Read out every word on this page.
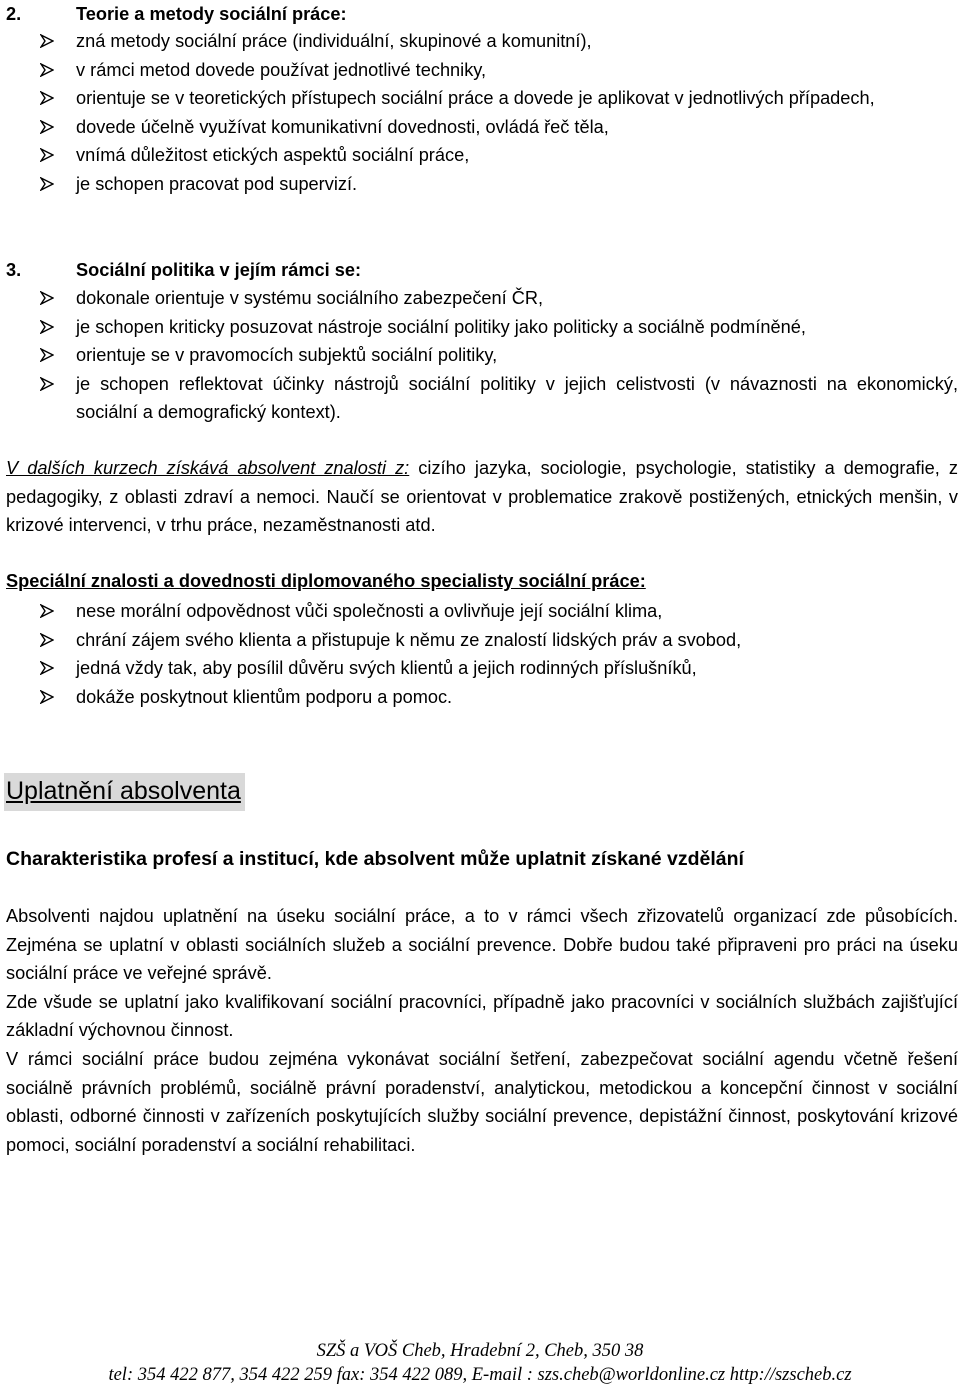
2.	Teorie a metody sociální práce:
zná metody sociální práce (individuální, skupinové a komunitní),
v rámci metod dovede používat jednotlivé techniky,
orientuje se v teoretických přístupech sociální práce a dovede je aplikovat v jednotlivých případech,
dovede účelně využívat komunikativní dovednosti, ovládá řeč těla,
vnímá důležitost etických aspektů sociální práce,
je schopen pracovat pod supervizí.
3.	Sociální politika v jejím rámci se:
dokonale orientuje v systému sociálního zabezpečení ČR,
je schopen kriticky posuzovat nástroje sociální politiky jako politicky a sociálně podmíněné,
orientuje se v pravomocích subjektů sociální politiky,
je schopen reflektovat účinky nástrojů sociální politiky v jejich celistvosti (v návaznosti na ekonomický, sociální a demografický kontext).

V dalších kurzech získává absolvent znalosti z: cizího jazyka, sociologie, psychologie, statistiky a demografie, z pedagogiky, z oblasti zdraví a nemoci. Naučí se orientovat v problematice zrakově postižených, etnických menšin, v krizové intervenci, v trhu práce, nezaměstnanosti atd.

Speciální znalosti a dovednosti diplomovaného specialisty sociální práce:

nese morální odpovědnost vůči společnosti a ovlivňuje její sociální klima,
chrání zájem svého klienta a přistupuje k němu ze znalostí lidských práv a svobod,
jedná vždy tak, aby posílil důvěru svých klientů a jejich rodinných příslušníků,
dokáže poskytnout klientům podporu a pomoc.
Uplatnění absolventa
Charakteristika profesí a institucí, kde absolvent může uplatnit získané vzdělání

Absolventi najdou uplatnění na úseku sociální práce, a to v rámci všech zřizovatelů organizací zde působících. Zejména se uplatní v oblasti sociálních služeb a sociální prevence. Dobře budou také připraveni pro práci na úseku sociální práce ve veřejné správě.

Zde všude se uplatní jako kvalifikovaní sociální pracovníci, případně jako pracovníci v sociálních službách zajišťující základní výchovnou činnost.

V rámci sociální práce budou zejména vykonávat sociální šetření, zabezpečovat sociální agendu včetně řešení sociálně právních problémů, sociálně právní poradenství, analytickou, metodickou a koncepční činnost v sociální oblasti, odborné činnosti v zařízeních poskytujících služby sociální prevence, depistážní činnost, poskytování krizové pomoci, sociální poradenství a sociální rehabilitaci.

SZŠ a VOŠ Cheb, Hradební 2, Cheb, 350 38
tel: 354 422 877, 354 422 259 fax: 354 422 089, E-mail : szs.cheb@worldonline.cz http://szscheb.cz
